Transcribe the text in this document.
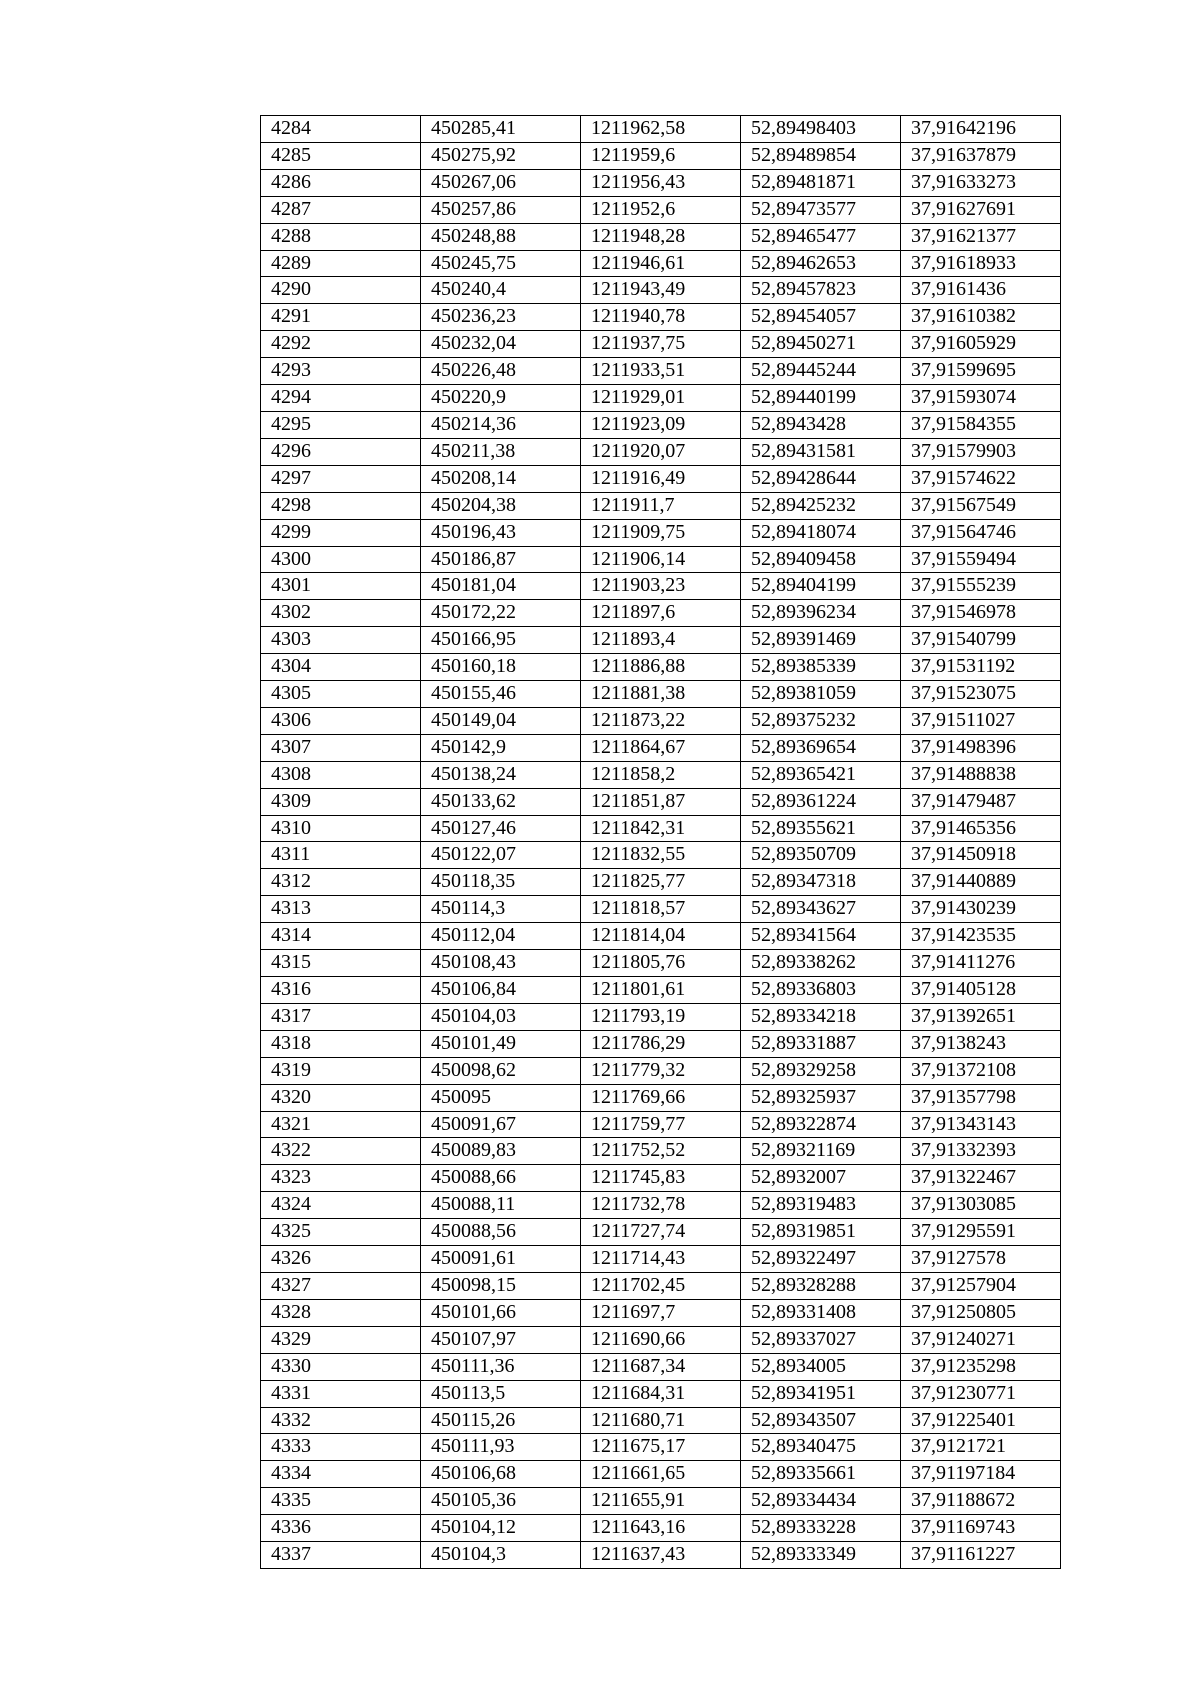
4284	450285,41	1211962,58	52,89498403	37,91642196
4285	450275,92	1211959,6	52,89489854	37,91637879
4286	450267,06	1211956,43	52,89481871	37,91633273
4287	450257,86	1211952,6	52,89473577	37,91627691
4288	450248,88	1211948,28	52,89465477	37,91621377
4289	450245,75	1211946,61	52,89462653	37,91618933
4290	450240,4	1211943,49	52,89457823	37,9161436
4291	450236,23	1211940,78	52,89454057	37,91610382
4292	450232,04	1211937,75	52,89450271	37,91605929
4293	450226,48	1211933,51	52,89445244	37,91599695
4294	450220,9	1211929,01	52,89440199	37,91593074
4295	450214,36	1211923,09	52,8943428	37,91584355
4296	450211,38	1211920,07	52,89431581	37,91579903
4297	450208,14	1211916,49	52,89428644	37,91574622
4298	450204,38	1211911,7	52,89425232	37,91567549
4299	450196,43	1211909,75	52,89418074	37,91564746
4300	450186,87	1211906,14	52,89409458	37,91559494
4301	450181,04	1211903,23	52,89404199	37,91555239
4302	450172,22	1211897,6	52,89396234	37,91546978
4303	450166,95	1211893,4	52,89391469	37,91540799
4304	450160,18	1211886,88	52,89385339	37,91531192
4305	450155,46	1211881,38	52,89381059	37,91523075
4306	450149,04	1211873,22	52,89375232	37,91511027
4307	450142,9	1211864,67	52,89369654	37,91498396
4308	450138,24	1211858,2	52,89365421	37,91488838
4309	450133,62	1211851,87	52,89361224	37,91479487
4310	450127,46	1211842,31	52,89355621	37,91465356
4311	450122,07	1211832,55	52,89350709	37,91450918
4312	450118,35	1211825,77	52,89347318	37,91440889
4313	450114,3	1211818,57	52,89343627	37,91430239
4314	450112,04	1211814,04	52,89341564	37,91423535
4315	450108,43	1211805,76	52,89338262	37,91411276
4316	450106,84	1211801,61	52,89336803	37,91405128
4317	450104,03	1211793,19	52,89334218	37,91392651
4318	450101,49	1211786,29	52,89331887	37,9138243
4319	450098,62	1211779,32	52,89329258	37,91372108
4320	450095	1211769,66	52,89325937	37,91357798
4321	450091,67	1211759,77	52,89322874	37,91343143
4322	450089,83	1211752,52	52,89321169	37,91332393
4323	450088,66	1211745,83	52,8932007	37,91322467
4324	450088,11	1211732,78	52,89319483	37,91303085
4325	450088,56	1211727,74	52,89319851	37,91295591
4326	450091,61	1211714,43	52,89322497	37,9127578
4327	450098,15	1211702,45	52,89328288	37,91257904
4328	450101,66	1211697,7	52,89331408	37,91250805
4329	450107,97	1211690,66	52,89337027	37,91240271
4330	450111,36	1211687,34	52,8934005	37,91235298
4331	450113,5	1211684,31	52,89341951	37,91230771
4332	450115,26	1211680,71	52,89343507	37,91225401
4333	450111,93	1211675,17	52,89340475	37,9121721
4334	450106,68	1211661,65	52,89335661	37,91197184
4335	450105,36	1211655,91	52,89334434	37,91188672
4336	450104,12	1211643,16	52,89333228	37,91169743
4337	450104,3	1211637,43	52,89333349	37,91161227
